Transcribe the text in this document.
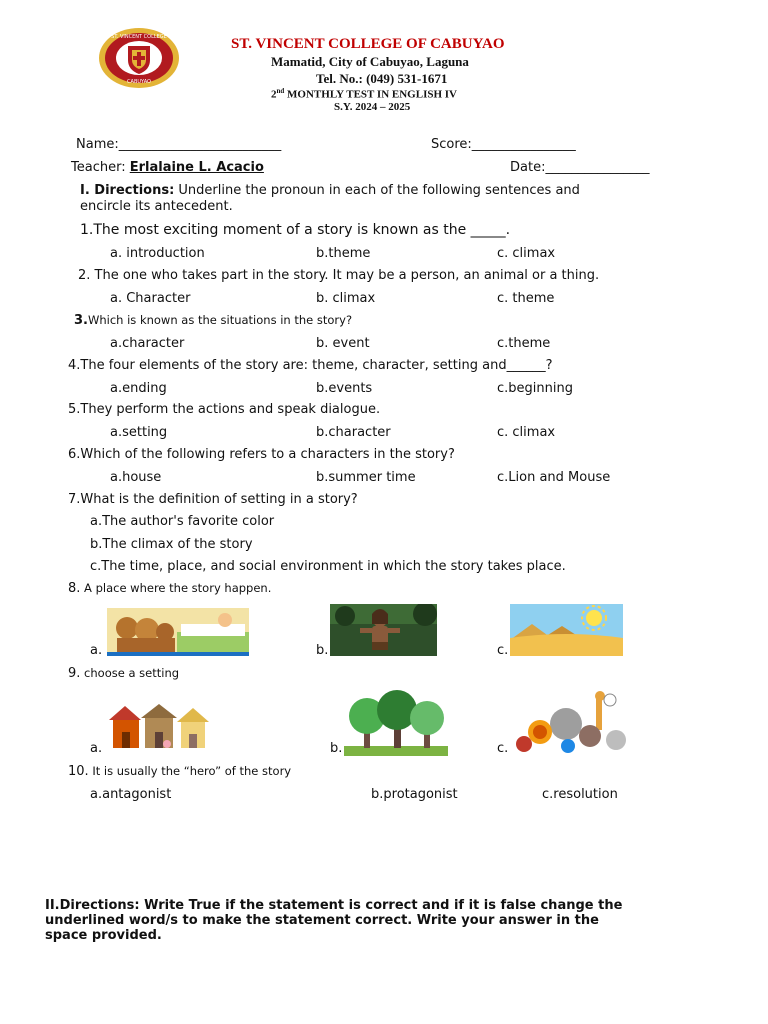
ST. VINCENT COLLEGE
CABUYAO
ST. VINCENT COLLEGE OF CABUYAO
Mamatid, City of Cabuyao, Laguna
Tel. No.: (049) 531-1671
2nd MONTHLY TEST IN ENGLISH IV
S.Y. 2024 – 2025
Name:_________________________	Score:________________
Teacher: Erlalaine L. Acacio	Date:________________
I. Directions: Underline the pronoun in each of the following sentences and
encircle its antecedent.
1.The most exciting moment of a story is known as the _____.
a. introduction	b.theme	c. climax
2. The one who takes part in the story. It may be a person, an animal or a thing.
a. Character	b. climax	c. theme
3.Which is known as the situations in the story?
a.character	b. event	c.theme
4.The four elements of the story are: theme, character, setting and______?
a.ending	b.events	c.beginning
5.They perform the actions and speak dialogue.
a.setting	b.character	c. climax
6.Which of the following refers to a characters in the story?
a.house	b.summer time	c.Lion and Mouse
7.What is the definition of setting in a story?
a.The author's favorite color
b.The climax of the story
c.The time, place, and social environment in which the story takes place.
8. A place where the story happen.
a.	b.	c.
9. choose a setting
a.	b.	c.
10. It is usually the “hero” of the story
a.antagonist	b.protagonist	c.resolution
II.Directions: Write True if the statement is correct and if it is false change the
underlined word/s to make the statement correct. Write your answer in the
space provided.
